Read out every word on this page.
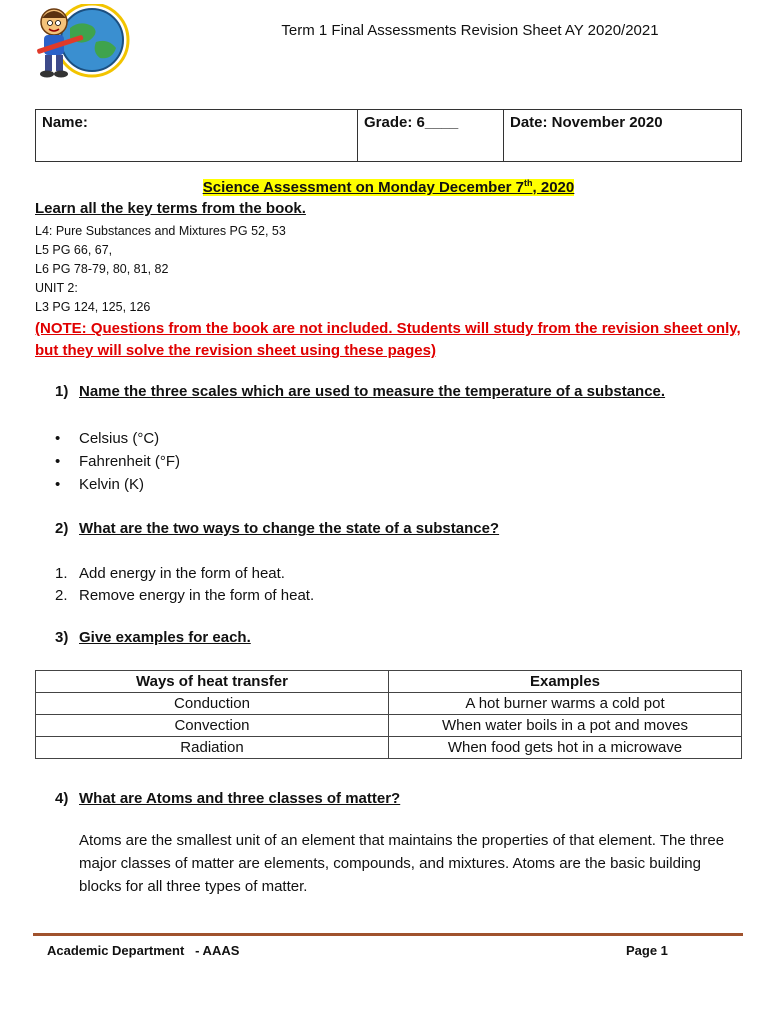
Term 1 Final Assessments Revision Sheet AY 2020/2021
Name:	Grade: 6____	Date: November 2020
Science Assessment on Monday December 7th, 2020
Learn all the key terms from the book.
L4: Pure Substances and Mixtures PG 52, 53
L5 PG 66, 67,
L6 PG 78-79, 80, 81, 82
UNIT 2:
L3 PG 124, 125, 126
(NOTE: Questions from the book are not included. Students will study from the revision sheet only, but they will solve the revision sheet using these pages)
1) Name the three scales which are used to measure the temperature of a substance.
• Celsius (°C)
• Fahrenheit (°F)
• Kelvin (K)
2) What are the two ways to change the state of a substance?
1. Add energy in the form of heat.
2. Remove energy in the form of heat.
3) Give examples for each.
Ways of heat transfer	Examples
Conduction	A hot burner warms a cold pot
Convection	When water boils in a pot and moves
Radiation	When food gets hot in a microwave
4) What are Atoms and three classes of matter?
Atoms are the smallest unit of an element that maintains the properties of that element. The three major classes of matter are elements, compounds, and mixtures. Atoms are the basic building blocks for all three types of matter.
Academic Department   - AAAS	Page 1
